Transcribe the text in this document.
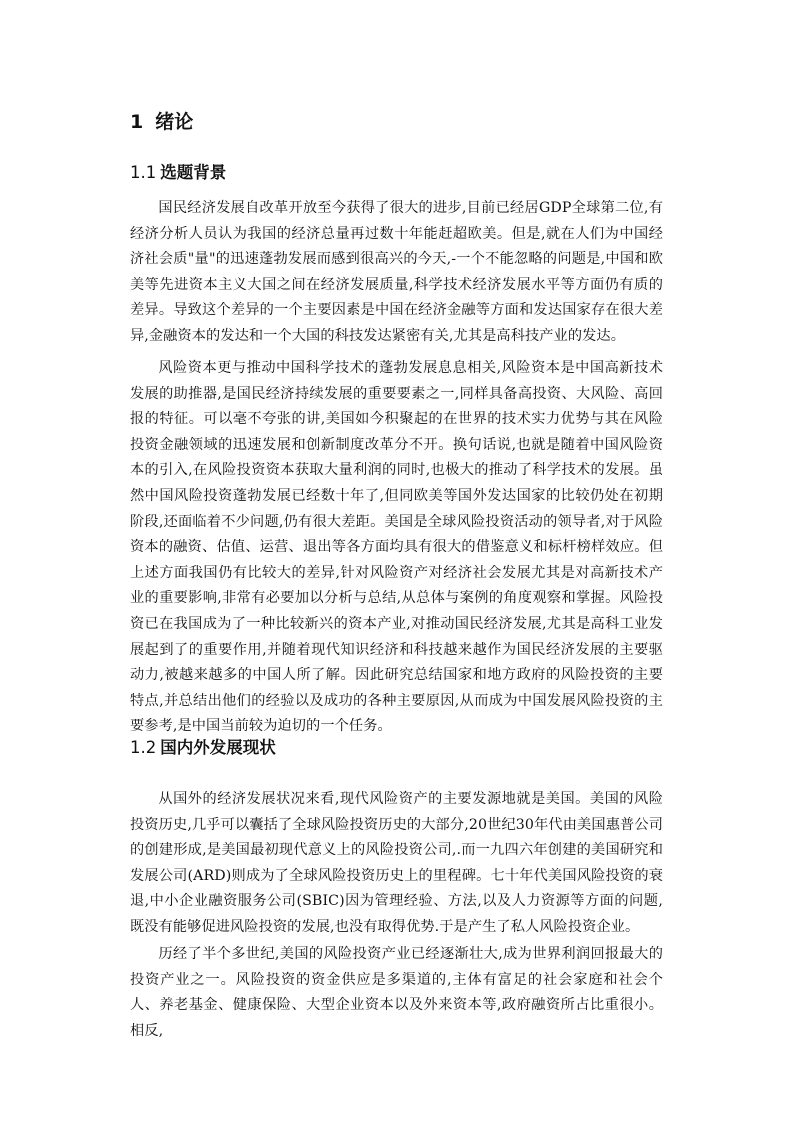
1 绪论
1.1 选题背景

国民经济发展自改革开放至今获得了很大的进步,目前已经居GDP全球第二位,有经济分析人员认为我国的经济总量再过数十年能赶超欧美。但是,就在人们为中国经济社会质"量"的迅速蓬勃发展而感到很高兴的今天,-一个不能忽略的问题是,中国和欧美等先进资本主义大国之间在经济发展质量,科学技术经济发展水平等方面仍有质的差异。导致这个差异的一个主要因素是中国在经济金融等方面和发达国家存在很大差异,金融资本的发达和一个大国的科技发达紧密有关,尤其是高科技产业的发达。

风险资本更与推动中国科学技术的蓬勃发展息息相关,风险资本是中国高新技术发展的助推器,是国民经济持续发展的重要要素之一,同样具备高投资、大风险、高回报的特征。可以毫不夸张的讲,美国如今积聚起的在世界的技术实力优势与其在风险投资金融领域的迅速发展和创新制度改革分不开。换句话说,也就是随着中国风险资本的引入,在风险投资资本获取大量利润的同时,也极大的推动了科学技术的发展。虽然中国风险投资蓬勃发展已经数十年了,但同欧美等国外发达国家的比较仍处在初期阶段,还面临着不少问题,仍有很大差距。美国是全球风险投资活动的领导者,对于风险资本的融资、估值、运营、退出等各方面均具有很大的借鉴意义和标杆榜样效应。但上述方面我国仍有比较大的差异,针对风险资产对经济社会发展尤其是对高新技术产业的重要影响,非常有必要加以分析与总结,从总体与案例的角度观察和掌握。风险投资已在我国成为了一种比较新兴的资本产业,对推动国民经济发展,尤其是高科工业发展起到了的重要作用,并随着现代知识经济和科技越来越作为国民经济发展的主要驱动力,被越来越多的中国人所了解。因此研究总结国家和地方政府的风险投资的主要特点,并总结出他们的经验以及成功的各种主要原因,从而成为中国发展风险投资的主要参考,是中国当前较为迫切的一个任务。

1.2 国内外发展现状

从国外的经济发展状况来看,现代风险资产的主要发源地就是美国。美国的风险投资历史,几乎可以囊括了全球风险投资历史的大部分,20世纪30年代由美国惠普公司的创建形成,是美国最初现代意义上的风险投资公司,.而一九四六年创建的美国研究和发展公司(ARD)则成为了全球风险投资历史上的里程碑。七十年代美国风险投资的衰退,中小企业融资服务公司(SBIC)因为管理经验、方法,以及人力资源等方面的问题,既没有能够促进风险投资的发展,也没有取得优势.于是产生了私人风险投资企业。

历经了半个多世纪,美国的风险投资产业已经逐渐壮大,成为世界利润回报最大的投资产业之一。风险投资的资金供应是多渠道的,主体有富足的社会家庭和社会个人、养老基金、健康保险、大型企业资本以及外来资本等,政府融资所占比重很小。相反,
